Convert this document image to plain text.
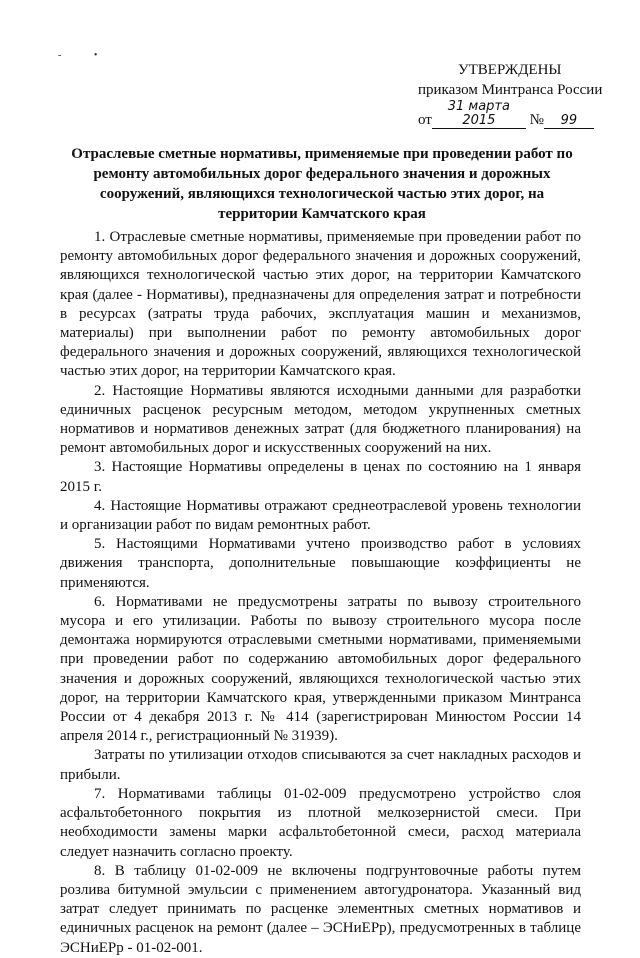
-	•
УТВЕРЖДЕНЫ
приказом Минтранса России
от31 марта 2015 № 99
Отраслевые сметные нормативы, применяемые при проведении работ по ремонту автомобильных дорог федерального значения и дорожных сооружений, являющихся технологической частью этих дорог, на территории Камчатского края

1. Отраслевые сметные нормативы, применяемые при проведении работ по ремонту автомобильных дорог федерального значения и дорожных сооружений, являющихся технологической частью этих дорог, на территории Камчатского края (далее - Нормативы), предназначены для определения затрат и потребности в ресурсах (затраты труда рабочих, эксплуатация машин и механизмов, материалы) при выполнении работ по ремонту автомобильных дорог федерального значения и дорожных сооружений, являющихся технологической частью этих дорог, на территории Камчатского края.

2. Настоящие Нормативы являются исходными данными для разработки единичных расценок ресурсным методом, методом укрупненных сметных нормативов и нормативов денежных затрат (для бюджетного планирования) на ремонт автомобильных дорог и искусственных сооружений на них.

3. Настоящие Нормативы определены в ценах по состоянию на 1 января 2015 г.

4. Настоящие Нормативы отражают среднеотраслевой уровень технологии и организации работ по видам ремонтных работ.

5. Настоящими Нормативами учтено производство работ в условиях движения транспорта, дополнительные повышающие коэффициенты не применяются.

6. Нормативами не предусмотрены затраты по вывозу строительного мусора и его утилизации. Работы по вывозу строительного мусора после демонтажа нормируются отраслевыми сметными нормативами, применяемыми при проведении работ по содержанию автомобильных дорог федерального значения и дорожных сооружений, являющихся технологической частью этих дорог, на территории Камчатского края, утвержденными приказом Минтранса России от 4 декабря 2013 г. № 414 (зарегистрирован Минюстом России 14 апреля 2014 г., регистрационный № 31939).

Затраты по утилизации отходов списываются за счет накладных расходов и прибыли.

7. Нормативами таблицы 01-02-009 предусмотрено устройство слоя асфальтобетонного покрытия из плотной мелкозернистой смеси. При необходимости замены марки асфальтобетонной смеси, расход материала следует назначить согласно проекту.

8. В таблицу 01-02-009 не включены подгрунтовочные работы путем розлива битумной эмульсии с применением автогудронатора. Указанный вид затрат следует принимать по расценке элементных сметных нормативов и единичных расценок на ремонт (далее – ЭСНиЕРр), предусмотренных в таблице ЭСНиЕРр - 01-02-001.
